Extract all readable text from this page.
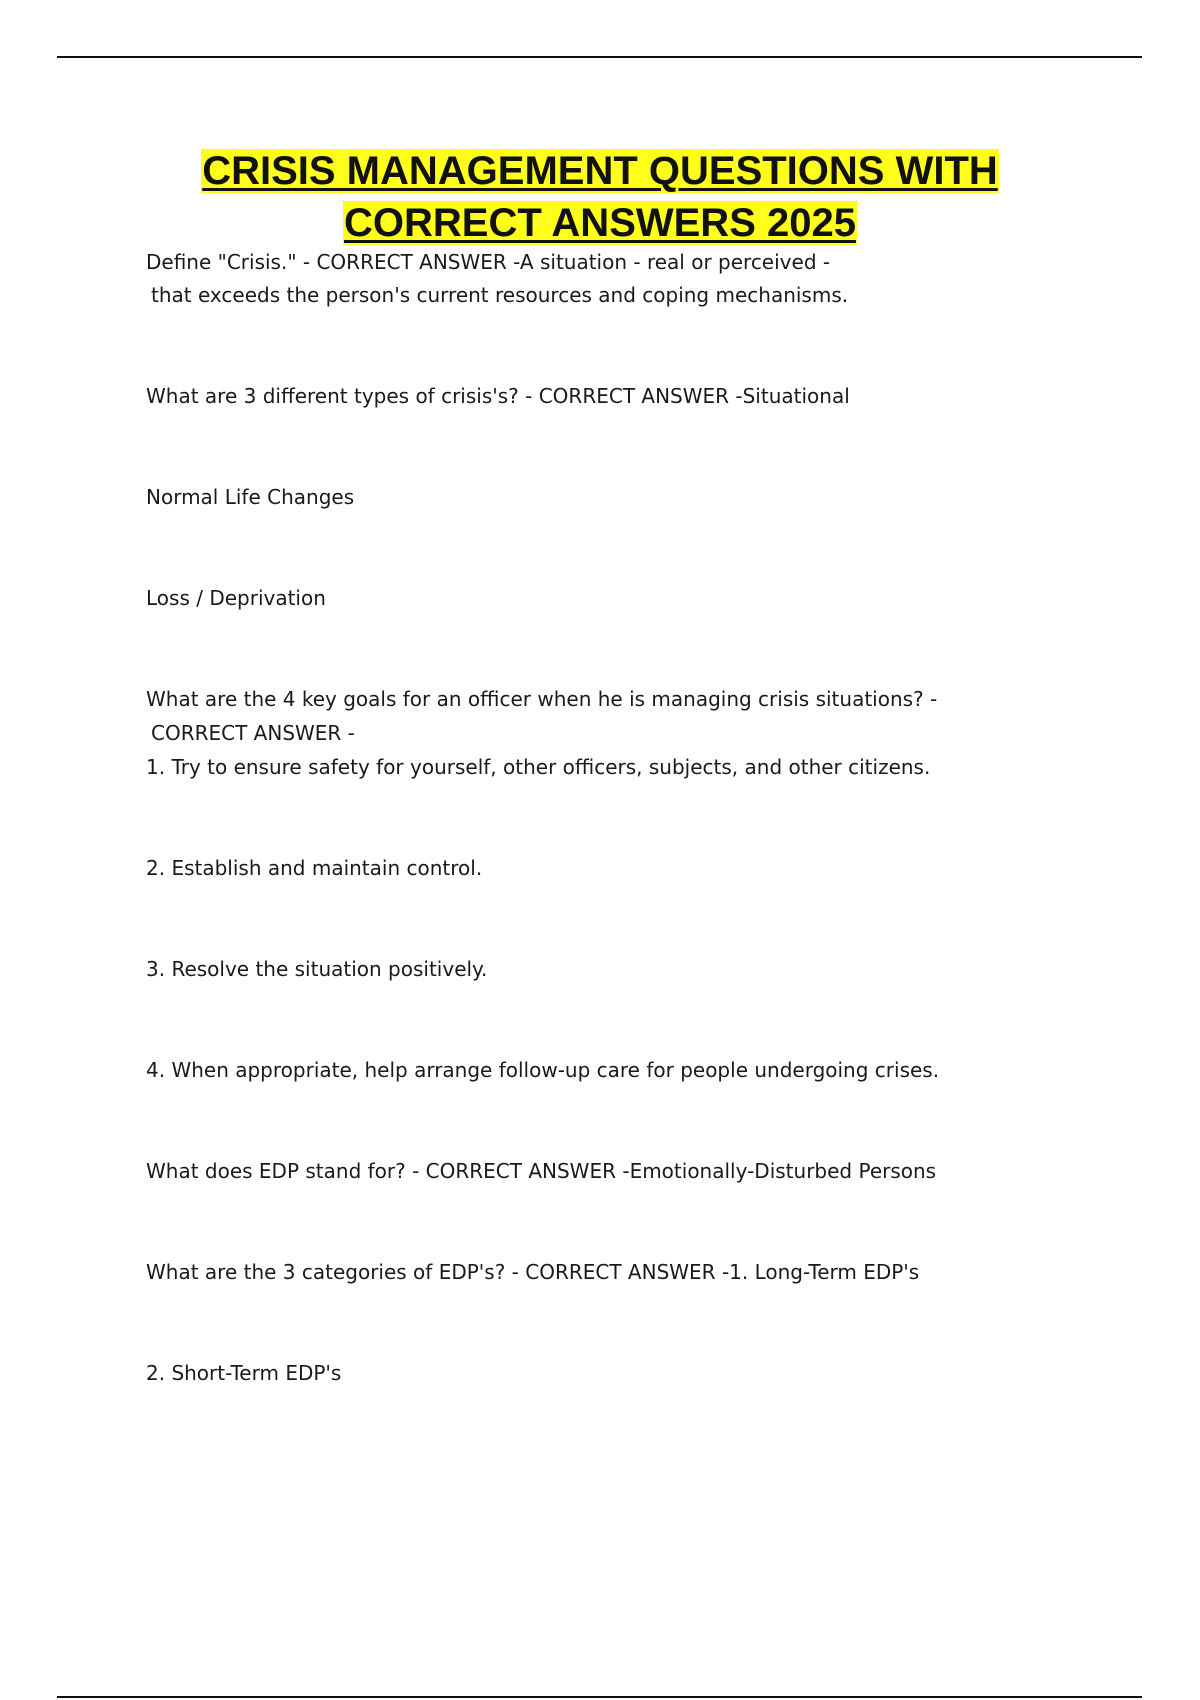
CRISIS MANAGEMENT QUESTIONS WITH
CORRECT ANSWERS 2025

Define "Crisis." - CORRECT ANSWER -A situation - real or perceived -

that exceeds the person's current resources and coping mechanisms.

What are 3 different types of crisis's? - CORRECT ANSWER -Situational

Normal Life Changes

Loss / Deprivation

What are the 4 key goals for an officer when he is managing crisis situations? -

CORRECT ANSWER -

1. Try to ensure safety for yourself, other officers, subjects, and other citizens.

2. Establish and maintain control.

3. Resolve the situation positively.

4. When appropriate, help arrange follow-up care for people undergoing crises.

What does EDP stand for? - CORRECT ANSWER -Emotionally-Disturbed Persons

What are the 3 categories of EDP's? - CORRECT ANSWER -1. Long-Term EDP's

2. Short-Term EDP's
